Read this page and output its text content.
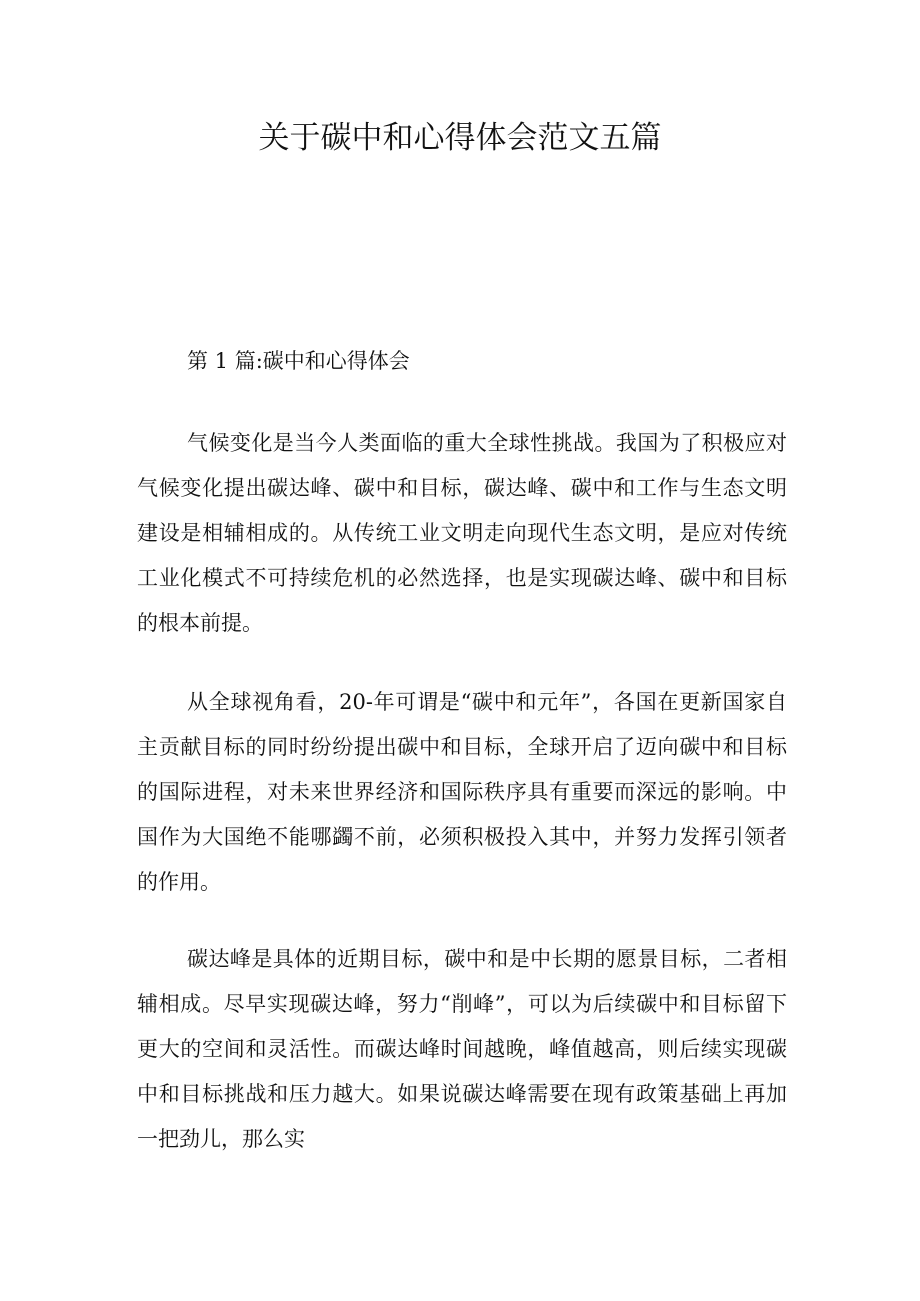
关于碳中和心得体会范文五篇

第 1 篇:碳中和心得体会

气候变化是当今人类面临的重大全球性挑战。我国为了积极应对气候变化提出碳达峰、碳中和目标，碳达峰、碳中和工作与生态文明建设是相辅相成的。从传统工业文明走向现代生态文明，是应对传统工业化模式不可持续危机的必然选择，也是实现碳达峰、碳中和目标的根本前提。

从全球视角看，20-年可谓是“碳中和元年”，各国在更新国家自主贡献目标的同时纷纷提出碳中和目标，全球开启了迈向碳中和目标的国际进程，对未来世界经济和国际秩序具有重要而深远的影响。中国作为大国绝不能哪蠲不前，必须积极投入其中，并努力发挥引领者的作用。

碳达峰是具体的近期目标，碳中和是中长期的愿景目标，二者相辅相成。尽早实现碳达峰，努力“削峰”，可以为后续碳中和目标留下更大的空间和灵活性。而碳达峰时间越晚，峰值越高，则后续实现碳中和目标挑战和压力越大。如果说碳达峰需要在现有政策基础上再加一把劲儿，那么实
